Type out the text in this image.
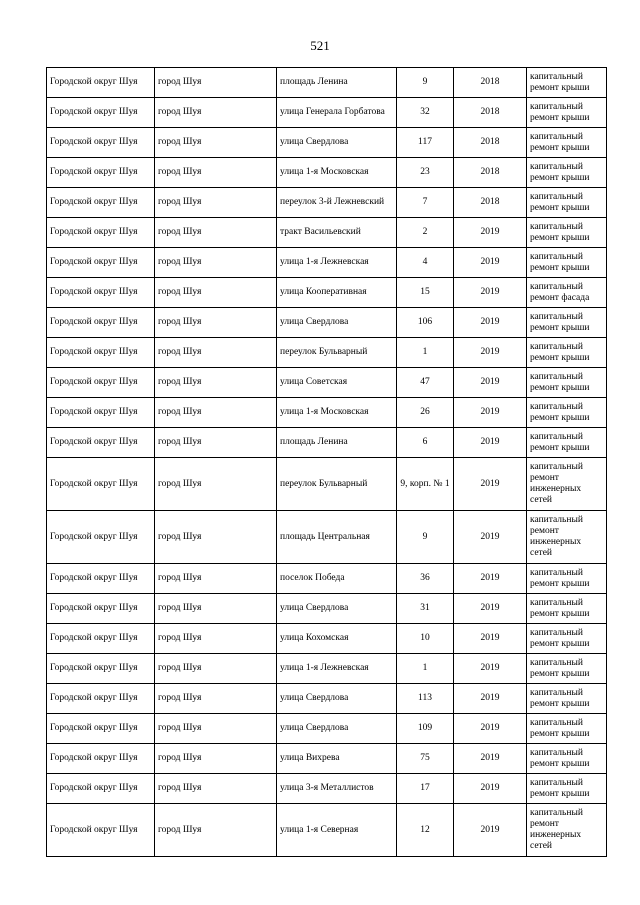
521
Городской округ Шуя	город Шуя	площадь Ленина	9	2018	капитальный ремонт крыши
Городской округ Шуя	город Шуя	улица Генерала Горбатова	32	2018	капитальный ремонт крыши
Городской округ Шуя	город Шуя	улица Свердлова	117	2018	капитальный ремонт крыши
Городской округ Шуя	город Шуя	улица 1-я Московская	23	2018	капитальный ремонт крыши
Городской округ Шуя	город Шуя	переулок 3-й Лежневский	7	2018	капитальный ремонт крыши
Городской округ Шуя	город Шуя	тракт Васильевский	2	2019	капитальный ремонт крыши
Городской округ Шуя	город Шуя	улица 1-я Лежневская	4	2019	капитальный ремонт крыши
Городской округ Шуя	город Шуя	улица Кооперативная	15	2019	капитальный ремонт фасада
Городской округ Шуя	город Шуя	улица Свердлова	106	2019	капитальный ремонт крыши
Городской округ Шуя	город Шуя	переулок Бульварный	1	2019	капитальный ремонт крыши
Городской округ Шуя	город Шуя	улица Советская	47	2019	капитальный ремонт крыши
Городской округ Шуя	город Шуя	улица 1-я Московская	26	2019	капитальный ремонт крыши
Городской округ Шуя	город Шуя	площадь Ленина	6	2019	капитальный ремонт крыши
Городской округ Шуя	город Шуя	переулок Бульварный	9, корп. № 1	2019	капитальный ремонт инженерных сетей
Городской округ Шуя	город Шуя	площадь Центральная	9	2019	капитальный ремонт инженерных сетей
Городской округ Шуя	город Шуя	поселок Победа	36	2019	капитальный ремонт крыши
Городской округ Шуя	город Шуя	улица Свердлова	31	2019	капитальный ремонт крыши
Городской округ Шуя	город Шуя	улица Кохомская	10	2019	капитальный ремонт крыши
Городской округ Шуя	город Шуя	улица 1-я Лежневская	1	2019	капитальный ремонт крыши
Городской округ Шуя	город Шуя	улица Свердлова	113	2019	капитальный ремонт крыши
Городской округ Шуя	город Шуя	улица Свердлова	109	2019	капитальный ремонт крыши
Городской округ Шуя	город Шуя	улица Вихрева	75	2019	капитальный ремонт крыши
Городской округ Шуя	город Шуя	улица 3-я Металлистов	17	2019	капитальный ремонт крыши
Городской округ Шуя	город Шуя	улица 1-я Северная	12	2019	капитальный ремонт инженерных сетей
